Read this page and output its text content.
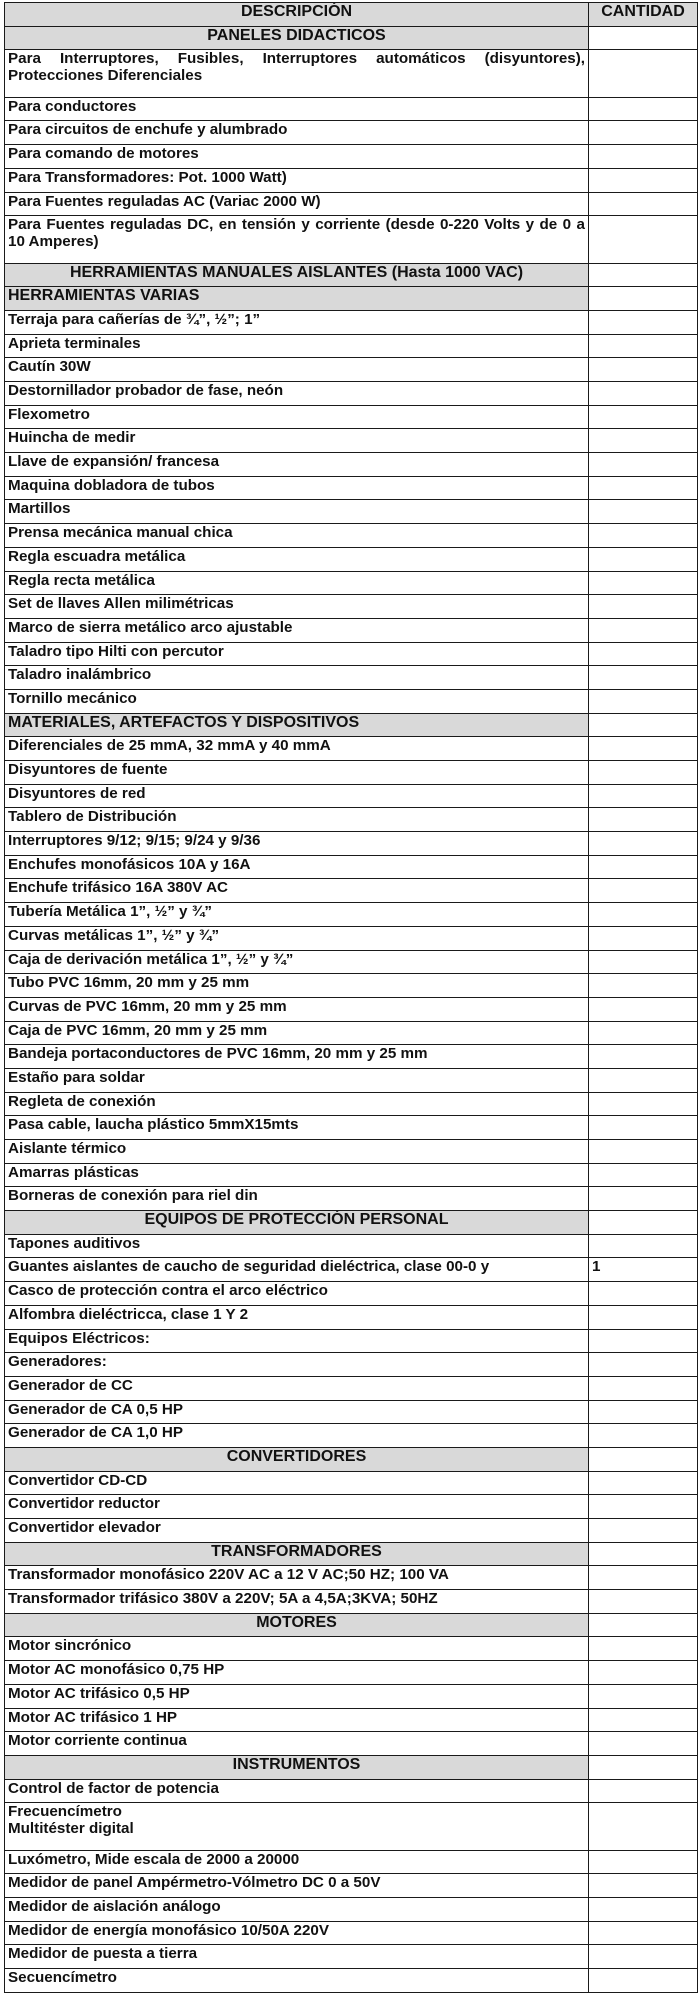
DESCRIPCIÓN	CANTIDAD
PANELES DIDACTICOS	
Para Interruptores, Fusibles, Interruptores automáticos (disyuntores), Protecciones Diferenciales	
Para conductores	
Para circuitos de enchufe y alumbrado	
Para comando de motores	
Para Transformadores: Pot. 1000 Watt)	
Para Fuentes reguladas AC (Variac 2000 W)	
Para Fuentes reguladas DC, en tensión y corriente (desde 0-220 Volts y de 0 a 10 Amperes)	
HERRAMIENTAS MANUALES AISLANTES (Hasta 1000 VAC)	
HERRAMIENTAS VARIAS	
Terraja para cañerías de ¾”, ½”; 1”	
Aprieta terminales	
Cautín 30W	
Destornillador probador de fase, neón	
Flexometro	
Huincha de medir	
Llave de expansión/ francesa	
Maquina dobladora de tubos	
Martillos	
Prensa mecánica manual chica	
Regla escuadra metálica	
Regla recta metálica	
Set de llaves Allen milimétricas	
Marco de sierra metálico arco ajustable	
Taladro tipo Hilti con percutor	
Taladro inalámbrico	
Tornillo mecánico	
MATERIALES, ARTEFACTOS Y DISPOSITIVOS	
Diferenciales de 25 mmA, 32 mmA y 40 mmA	
Disyuntores de fuente	
Disyuntores de red	
Tablero de Distribución	
Interruptores 9/12; 9/15; 9/24 y 9/36	
Enchufes monofásicos 10A y 16A	
Enchufe trifásico 16A 380V AC	
Tubería Metálica 1”, ½” y ¾”	
Curvas metálicas 1”, ½” y ¾”	
Caja de derivación metálica 1”, ½” y ¾”	
Tubo PVC 16mm, 20 mm y 25 mm	
Curvas de PVC 16mm, 20 mm y 25 mm	
Caja de PVC 16mm, 20 mm y 25 mm	
Bandeja portaconductores de PVC 16mm, 20 mm y 25 mm	
Estaño para soldar	
Regleta de conexión	
Pasa cable, laucha plástico 5mmX15mts	
Aislante térmico	
Amarras plásticas	
Borneras de conexión para riel din	
EQUIPOS DE PROTECCIÓN PERSONAL	
Tapones auditivos	
Guantes aislantes de caucho de seguridad dieléctrica, clase 00-0 y	1
Casco de protección contra el arco eléctrico	
Alfombra dieléctricca, clase 1 Y 2	
Equipos Eléctricos:	
Generadores:	
Generador de CC	
Generador de CA 0,5 HP	
Generador de CA 1,0 HP	
CONVERTIDORES	
Convertidor CD-CD	
Convertidor reductor	
Convertidor elevador	
TRANSFORMADORES	
Transformador monofásico 220V AC a 12 V AC;50 HZ; 100 VA	
Transformador trifásico 380V a 220V; 5A a 4,5A;3KVA; 50HZ	
MOTORES	
Motor sincrónico	
Motor AC monofásico 0,75 HP	
Motor AC trifásico 0,5 HP	
Motor AC trifásico 1 HP	
Motor corriente continua	
INSTRUMENTOS	
Control de factor de potencia	
Frecuencímetro
Multitéster digital	
Luxómetro, Mide escala de 2000 a 20000	
Medidor de panel Ampérmetro-Vólmetro DC 0 a 50V	
Medidor de aislación análogo	
Medidor de energía monofásico 10/50A 220V	
Medidor de puesta a tierra	
Secuencímetro	
